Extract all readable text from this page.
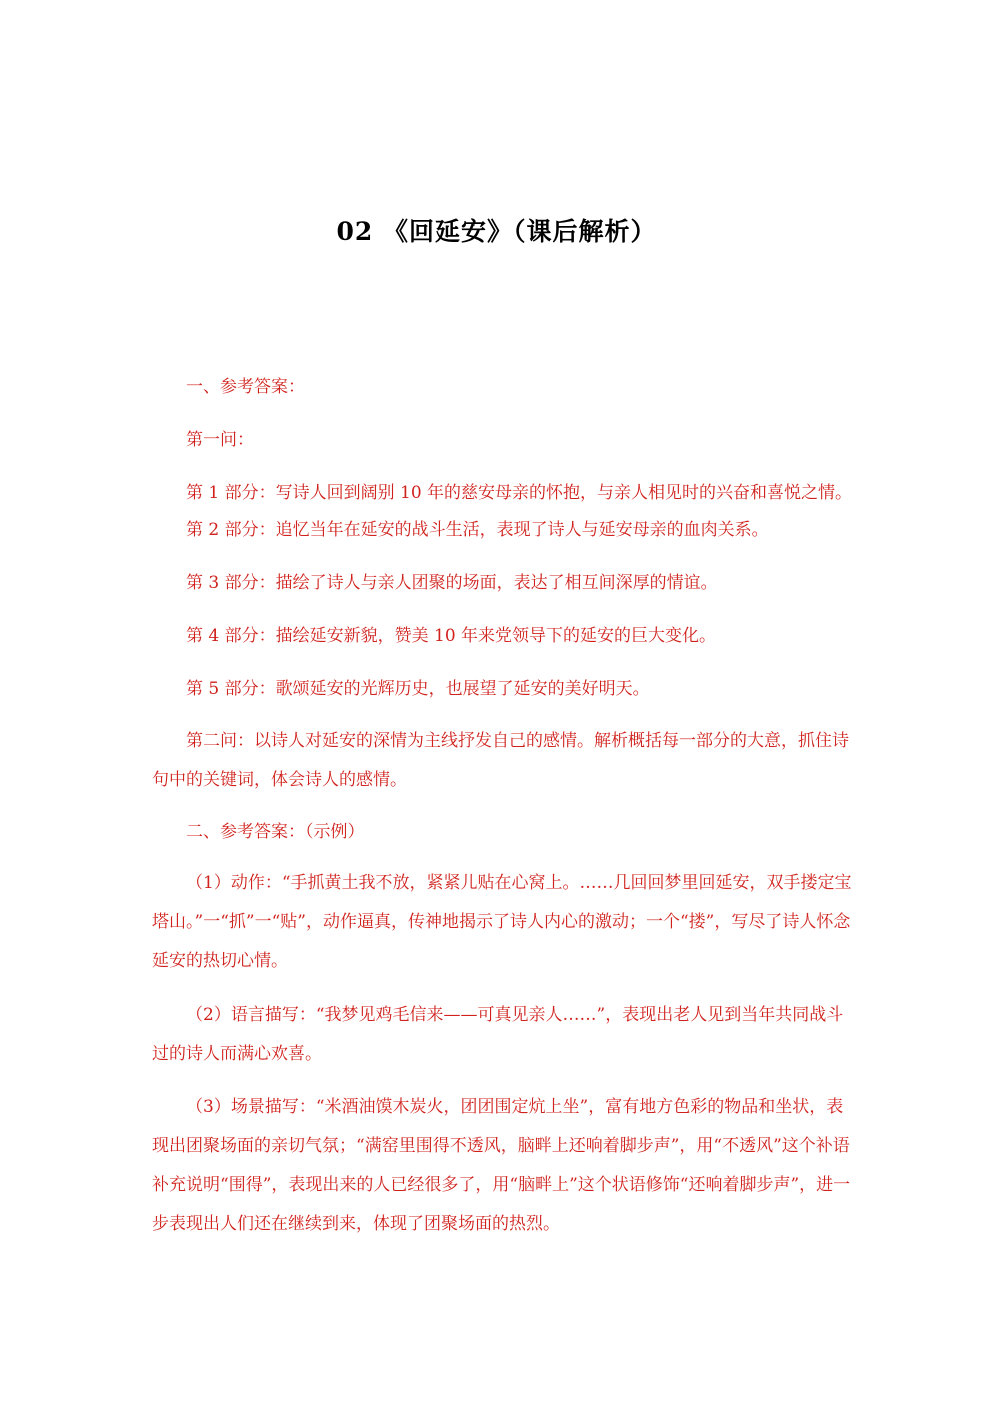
02 《回延安》（课后解析）
一、参考答案：
第一问：
第 1 部分：写诗人回到阔别 10 年的慈安母亲的怀抱，与亲人相见时的兴奋和喜悦之情。
第 2 部分：追忆当年在延安的战斗生活，表现了诗人与延安母亲的血肉关系。
第 3 部分：描绘了诗人与亲人团聚的场面，表达了相互间深厚的情谊。
第 4 部分：描绘延安新貌，赞美 10 年来党领导下的延安的巨大变化。
第 5 部分：歌颂延安的光辉历史，也展望了延安的美好明天。

第二问：以诗人对延安的深情为主线抒发自己的感情。解析概括每一部分的大意，抓住诗句中的关键词，体会诗人的感情。

二、参考答案：（示例）

（1）动作：“手抓黄土我不放，紧紧儿贴在心窝上。……几回回梦里回延安，双手搂定宝塔山。”一“抓”一“贴”，动作逼真，传神地揭示了诗人内心的激动；一个“搂”，写尽了诗人怀念延安的热切心情。

（2）语言描写：“我梦见鸡毛信来——可真见亲人……”，表现出老人见到当年共同战斗过的诗人而满心欢喜。

（3）场景描写：“米酒油馍木炭火，团团围定炕上坐”，富有地方色彩的物品和坐状，表现出团聚场面的亲切气氛；“满窑里围得不透风，脑畔上还响着脚步声”，用“不透风”这个补语补充说明“围得”，表现出来的人已经很多了，用“脑畔上”这个状语修饰“还响着脚步声”，进一步表现出人们还在继续到来，体现了团聚场面的热烈。
